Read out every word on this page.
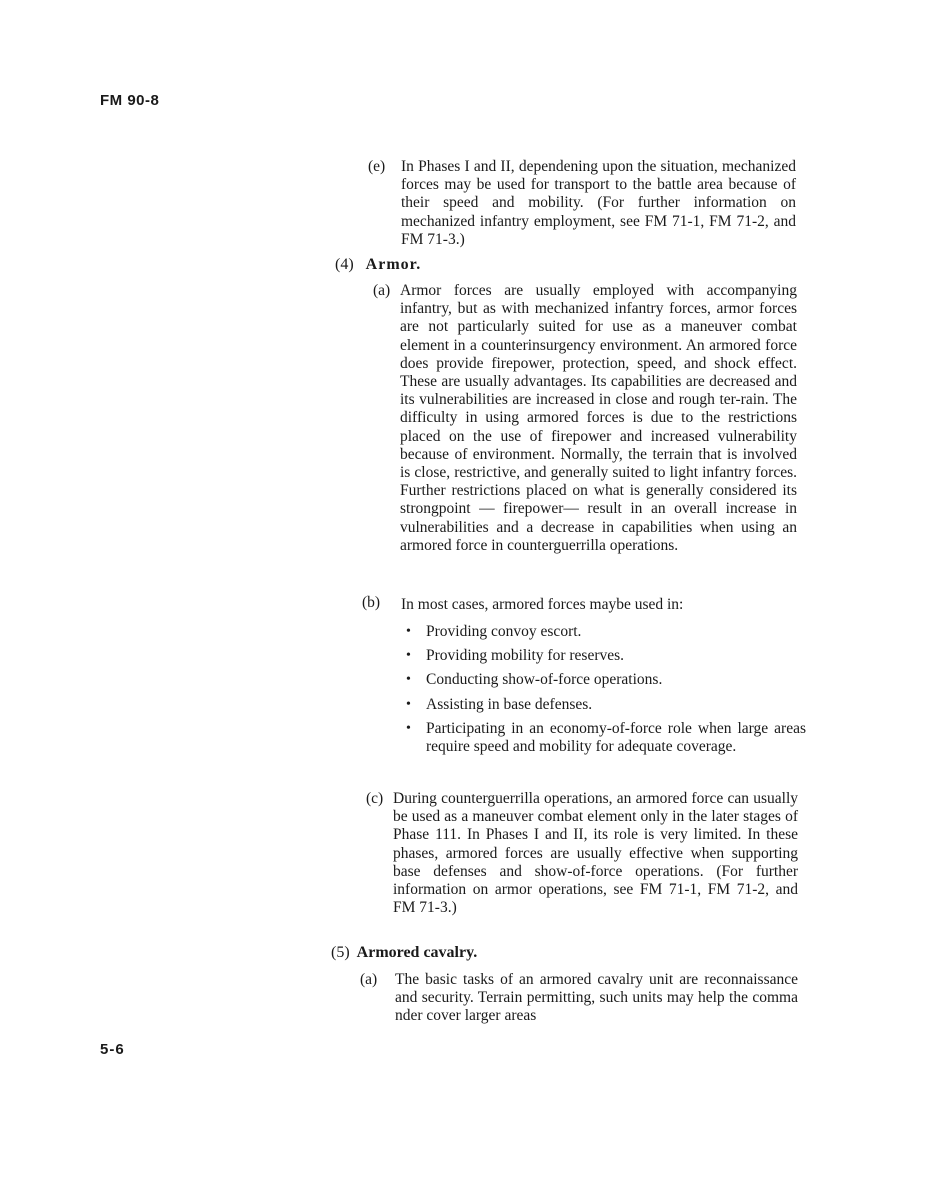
FM 90-8
(e) In Phases I and II, dependening upon the situation, mechanized forces may be used for transport to the battle area because of their speed and mobility. (For further information on mechanized infantry employment, see FM 71-1, FM 71-2, and FM 71-3.)
(4) Armor.
(a) Armor forces are usually employed with accompanying infantry, but as with mechanized infantry forces, armor forces are not particularly suited for use as a maneuver combat element in a counterinsurgency environment. An armored force does provide firepower, protection, speed, and shock effect. These are usually advantages. Its capabilities are decreased and its vulnerabilities are increased in close and rough ter-rain. The difficulty in using armored forces is due to the restrictions placed on the use of firepower and increased vulnerability because of environment. Normally, the terrain that is involved is close, restrictive, and generally suited to light infantry forces. Further restrictions placed on what is generally considered its strongpoint — firepower— result in an overall increase in vulnerabilities and a decrease in capabilities when using an armored force in counterguerrilla operations.
(b) In most cases, armored forces maybe used in:
• Providing convoy escort.
• Providing mobility for reserves.
• Conducting show-of-force operations.
• Assisting in base defenses.
• Participating in an economy-of-force role when large areas require speed and mobility for adequate coverage.
(c) During counterguerrilla operations, an armored force can usually be used as a maneuver combat element only in the later stages of Phase 111. In Phases I and II, its role is very limited. In these phases, armored forces are usually effective when supporting base defenses and show-of-force operations. (For further information on armor operations, see FM 71-1, FM 71-2, and FM 71-3.)
(5) Armored cavalry.
(a) The basic tasks of an armored cavalry unit are reconnaissance and security. Terrain permitting, such units may help the comma nder cover larger areas
5-6
